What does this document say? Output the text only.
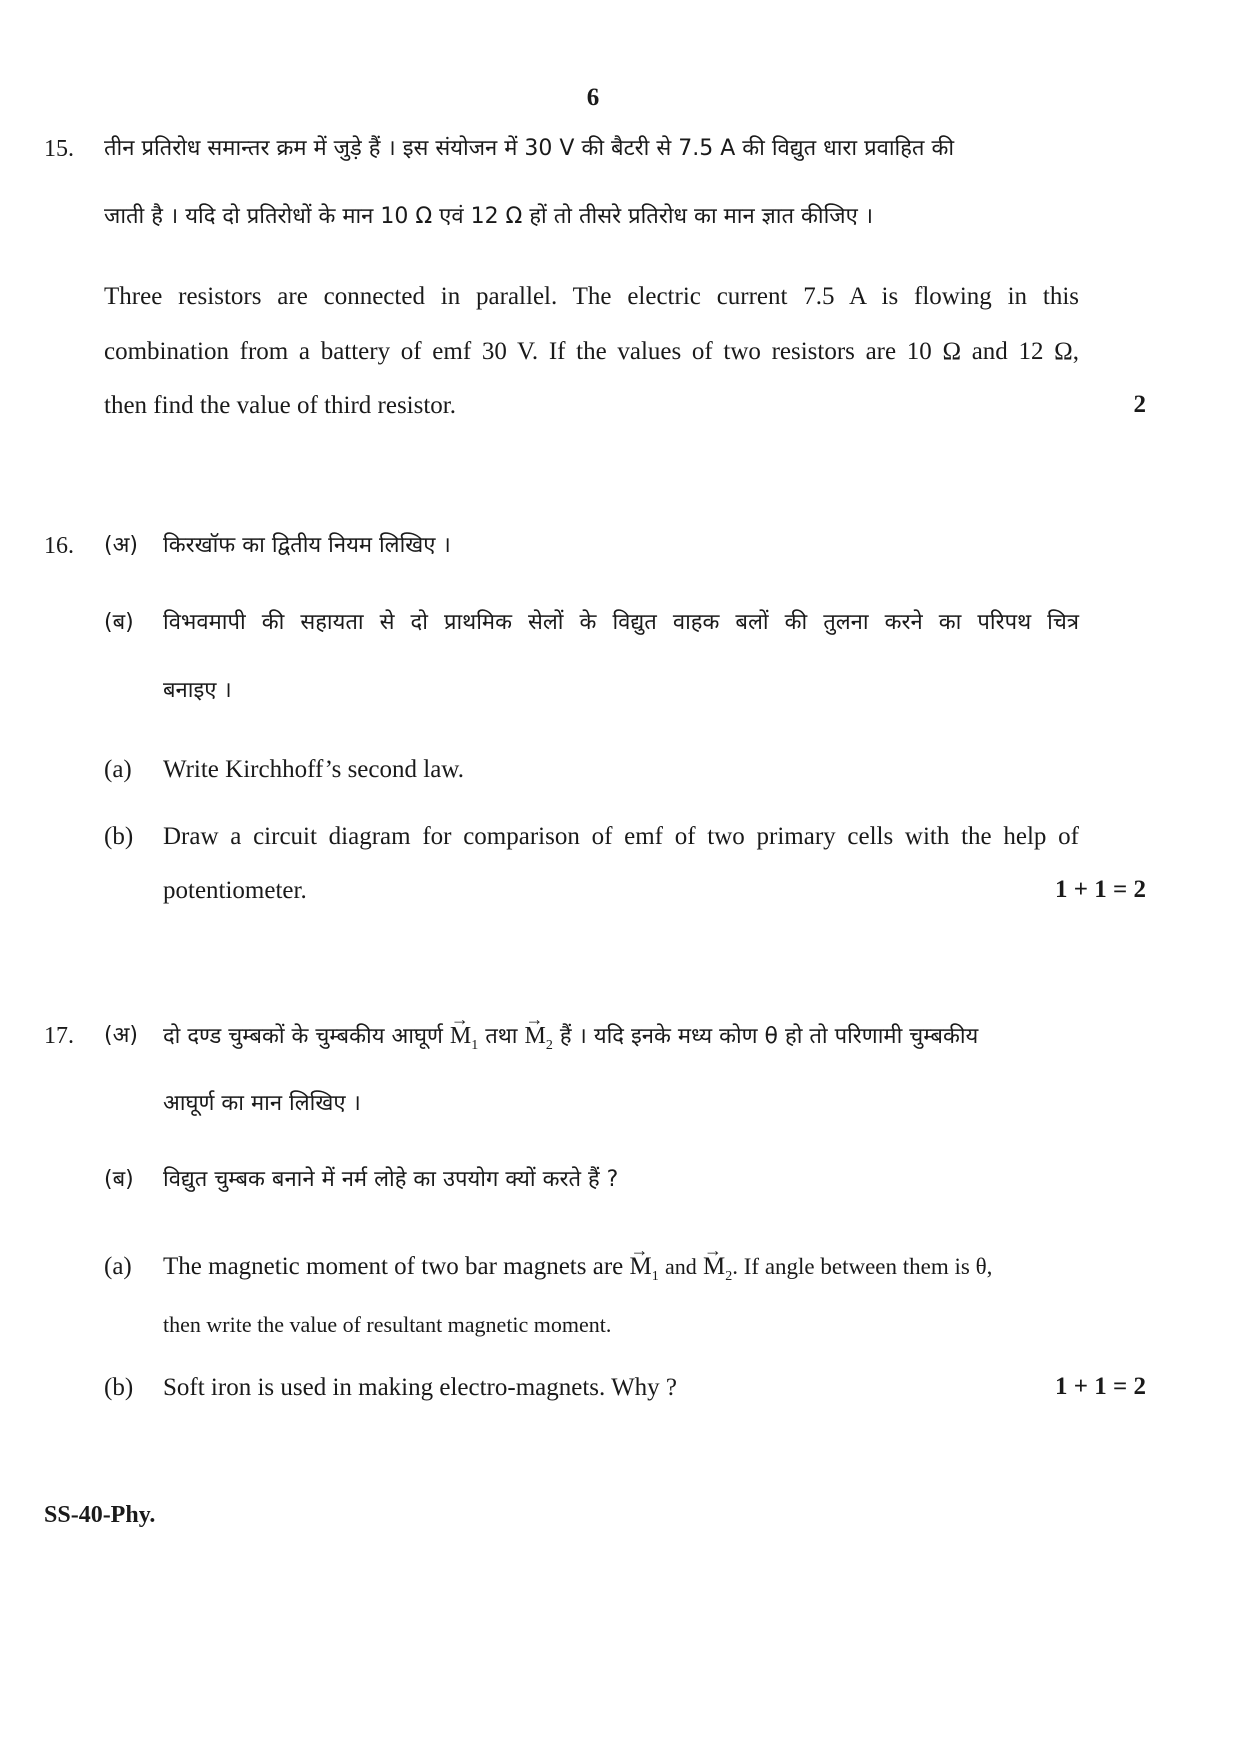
6
15. तीन प्रतिरोध समान्तर क्रम में जुड़े हैं । इस संयोजन में 30 V की बैटरी से 7.5 A की विद्युत धारा प्रवाहित की
जाती है । यदि दो प्रतिरोधों के मान 10 Ω एवं 12 Ω हों तो तीसरे प्रतिरोध का मान ज्ञात कीजिए ।
Three resistors are connected in parallel. The electric current 7.5 A is flowing in this
combination from a battery of emf 30 V. If the values of two resistors are 10 Ω and 12 Ω,
then find the value of third resistor.	2
16. (अ) किरखॉफ का द्वितीय नियम लिखिए ।
(ब) विभवमापी की सहायता से दो प्राथमिक सेलों के विद्युत वाहक बलों की तुलना करने का परिपथ चित्र
बनाइए ।
(a) Write Kirchhoff’s second law.
(b) Draw a circuit diagram for comparison of emf of two primary cells with the help of
potentiometer.	1 + 1 = 2
17. (अ) दो दण्ड चुम्बकों के चुम्बकीय आघूर्ण → $M_1$ तथा → $M_2$ हैं । यदि इनके मध्य कोण θ हो तो परिणामी चुम्बकीय
आघूर्ण का मान लिखिए ।
(ब) विद्युत चुम्बक बनाने में नर्म लोहे का उपयोग क्यों करते हैं ?
(a) The magnetic moment of two bar magnets are → $M_1$ and → $M_2$. If angle between them is θ,
then write the value of resultant magnetic moment.
(b) Soft iron is used in making electro-magnets. Why ?	1 + 1 = 2
SS-40-Phy.
